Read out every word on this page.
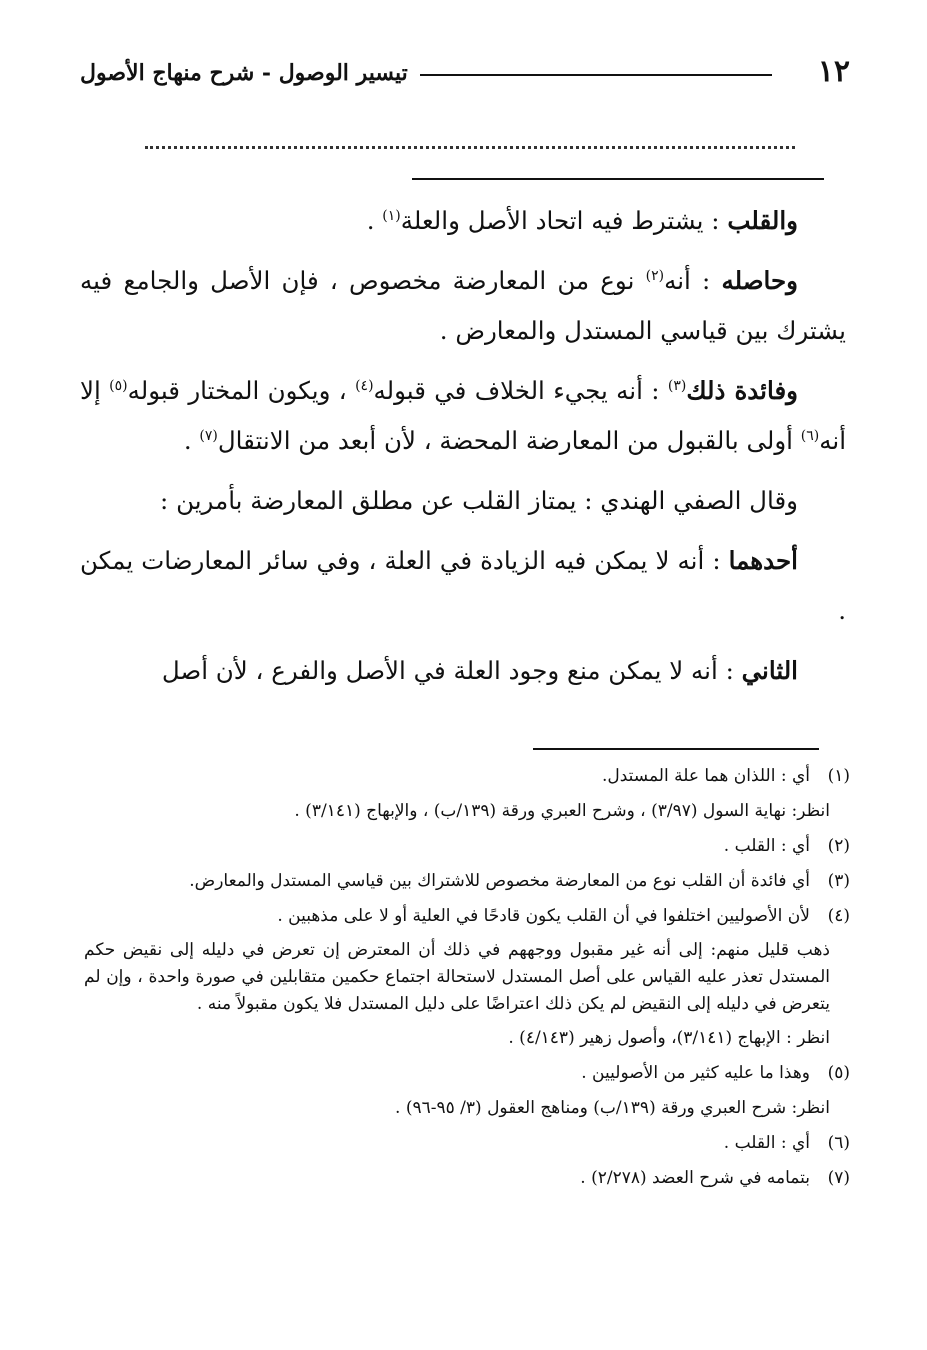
١٢
تيسير الوصول - شرح منهاج الأصول

والقلب : يشترط فيه اتحاد الأصل والعلة$^{(١)}$ .

وحاصله : أنه$^{(٢)}$ نوع من المعارضة مخصوص ، فإن الأصل والجامع فيه يشترك بين قياسي المستدل والمعارض .

وفائدة ذلك$^{(٣)}$ : أنه يجيء الخلاف في قبوله$^{(٤)}$ ، ويكون المختار قبوله$^{(٥)}$ إلا أنه$^{(٦)}$ أولى بالقبول من المعارضة المحضة ، لأن أبعد من الانتقال$^{(٧)}$ .

وقال الصفي الهندي : يمتاز القلب عن مطلق المعارضة بأمرين :

أحدهما : أنه لا يمكن فيه الزيادة في العلة ، وفي سائر المعارضات يمكن .

الثاني : أنه لا يمكن منع وجود العلة في الأصل والفرع ، لأن أصل

(١)أي : اللذان هما علة المستدل.
انظر: نهاية السول (٣/٩٧) ، وشرح العبري ورقة (١٣٩/ب) ، والإبهاج (٣/١٤١) .
(٢)أي : القلب .
(٣)أي فائدة أن القلب نوع من المعارضة مخصوص للاشتراك بين قياسي المستدل والمعارض.
(٤)لأن الأصوليين اختلفوا في أن القلب يكون قادحًا في العلية أو لا على مذهبين .
ذهب قليل منهم: إلى أنه غير مقبول ووجههم في ذلك أن المعترض إن تعرض في دليله إلى نقيض حكم المستدل تعذر عليه القياس على أصل المستدل لاستحالة اجتماع حكمين متقابلين في صورة واحدة ، وإن لم يتعرض في دليله إلى النقيض لم يكن ذلك اعتراضًا على دليل المستدل فلا يكون مقبولاً منه .
انظر : الإبهاج (٣/١٤١)، وأصول زهير (٤/١٤٣) .
(٥)وهذا ما عليه كثير من الأصوليين .
انظر: شرح العبري ورقة (١٣٩/ب) ومناهج العقول (٣/ ٩٥-٩٦) .
(٦)أي : القلب .
(٧)بتمامه في شرح العضد (٢/٢٧٨) .
